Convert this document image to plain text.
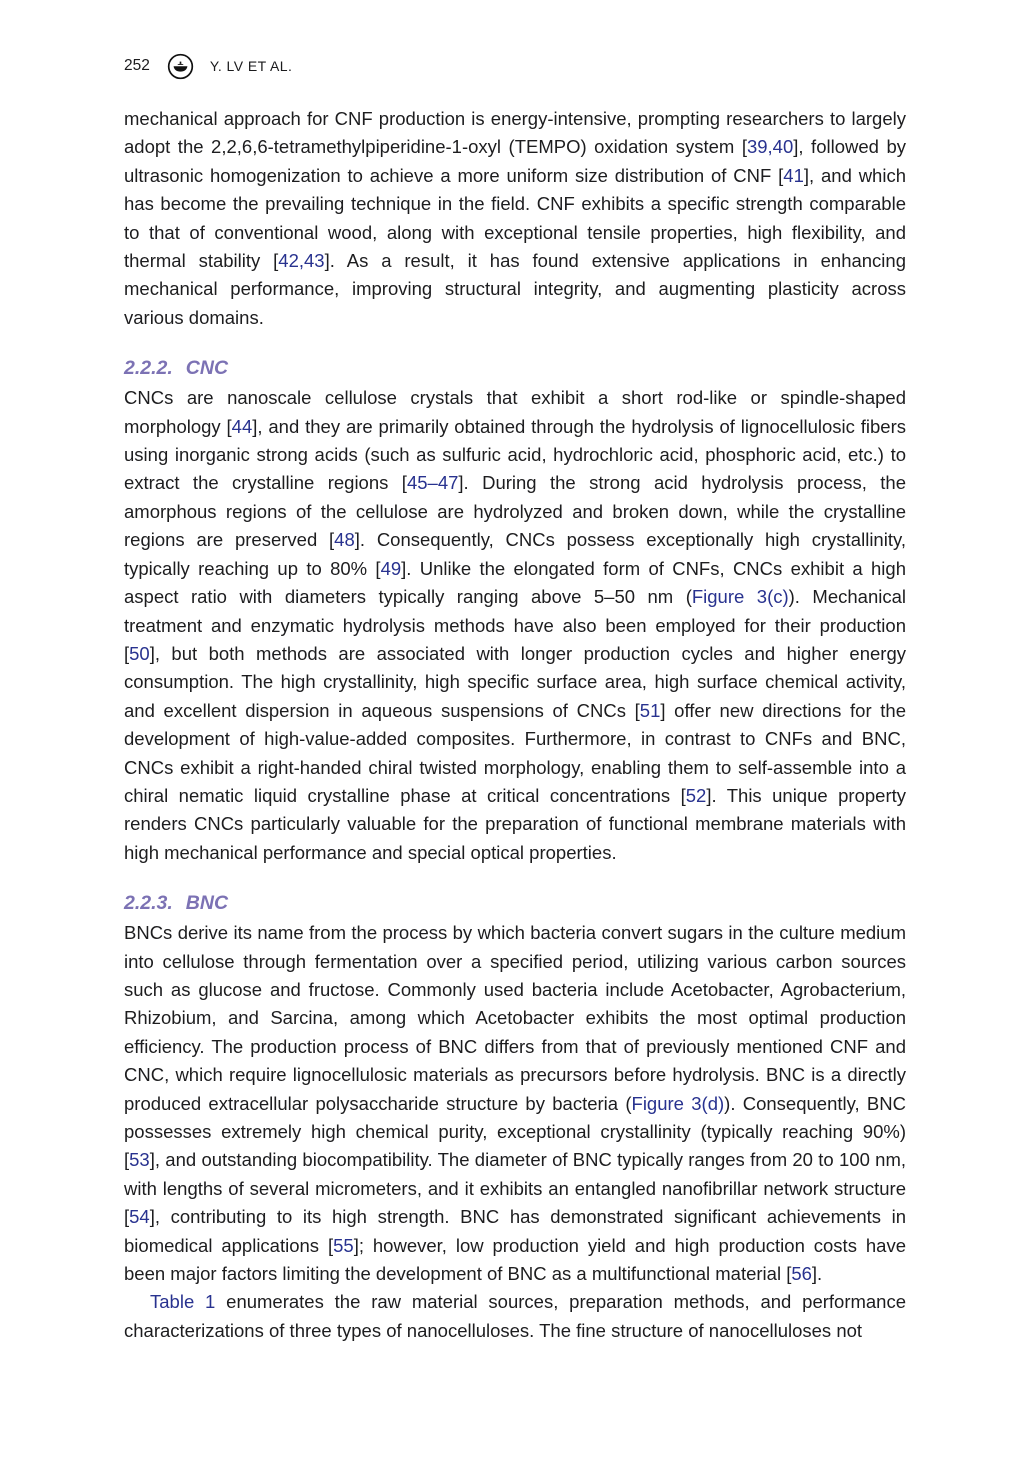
252	Y. LV ET AL.

mechanical approach for CNF production is energy-intensive, prompting researchers to largely adopt the 2,2,6,6-tetramethylpiperidine-1-oxyl (TEMPO) oxidation system [39,40], followed by ultrasonic homogenization to achieve a more uniform size distribution of CNF [41], and which has become the prevailing technique in the field. CNF exhibits a specific strength comparable to that of conventional wood, along with exceptional tensile properties, high flexibility, and thermal stability [42,43]. As a result, it has found extensive applications in enhancing mechanical performance, improving structural integrity, and augmenting plasticity across various domains.

2.2.2. CNC

CNCs are nanoscale cellulose crystals that exhibit a short rod-like or spindle-shaped morphology [44], and they are primarily obtained through the hydrolysis of lignocellulosic fibers using inorganic strong acids (such as sulfuric acid, hydrochloric acid, phosphoric acid, etc.) to extract the crystalline regions [45–47]. During the strong acid hydrolysis process, the amorphous regions of the cellulose are hydrolyzed and broken down, while the crystalline regions are preserved [48]. Consequently, CNCs possess exceptionally high crystallinity, typically reaching up to 80% [49]. Unlike the elongated form of CNFs, CNCs exhibit a high aspect ratio with diameters typically ranging above 5–50 nm (Figure 3(c)). Mechanical treatment and enzymatic hydrolysis methods have also been employed for their production [50], but both methods are associated with longer production cycles and higher energy consumption. The high crystallinity, high specific surface area, high surface chemical activity, and excellent dispersion in aqueous suspensions of CNCs [51] offer new directions for the development of high-value-added composites. Furthermore, in contrast to CNFs and BNC, CNCs exhibit a right-handed chiral twisted morphology, enabling them to self-assemble into a chiral nematic liquid crystalline phase at critical concentrations [52]. This unique property renders CNCs particularly valuable for the preparation of functional membrane materials with high mechanical performance and special optical properties.

2.2.3. BNC

BNCs derive its name from the process by which bacteria convert sugars in the culture medium into cellulose through fermentation over a specified period, utilizing various carbon sources such as glucose and fructose. Commonly used bacteria include Acetobacter, Agrobacterium, Rhizobium, and Sarcina, among which Acetobacter exhibits the most optimal production efficiency. The production process of BNC differs from that of previously mentioned CNF and CNC, which require lignocellulosic materials as precursors before hydrolysis. BNC is a directly produced extracellular polysaccharide structure by bacteria (Figure 3(d)). Consequently, BNC possesses extremely high chemical purity, exceptional crystallinity (typically reaching 90%) [53], and outstanding biocompatibility. The diameter of BNC typically ranges from 20 to 100 nm, with lengths of several micrometers, and it exhibits an entangled nanofibrillar network structure [54], contributing to its high strength. BNC has demonstrated significant achievements in biomedical applications [55]; however, low production yield and high production costs have been major factors limiting the development of BNC as a multifunctional material [56].

Table 1 enumerates the raw material sources, preparation methods, and performance characterizations of three types of nanocelluloses. The fine structure of nanocelluloses not
